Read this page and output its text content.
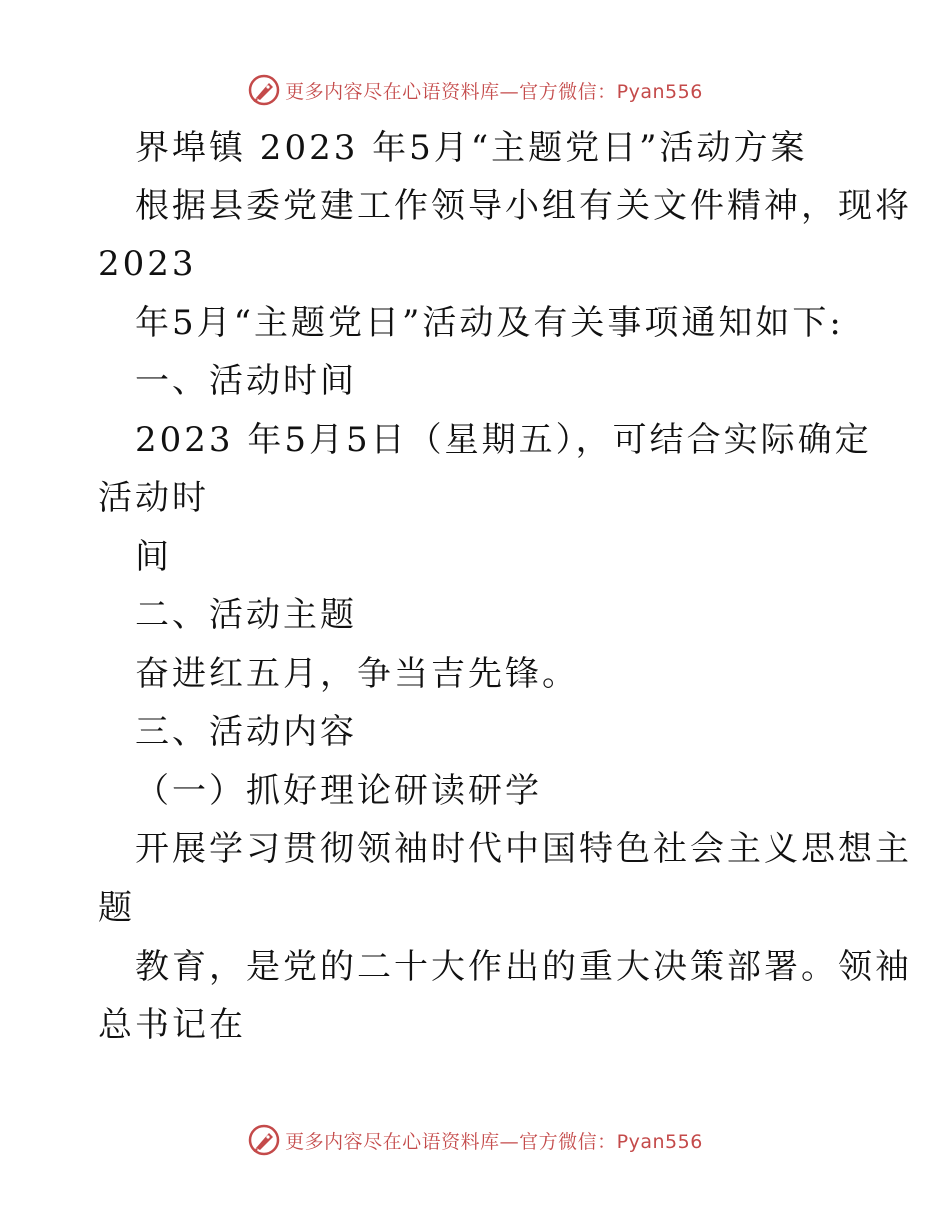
更多内容尽在心语资料库—官方微信：Pyan556
界埠镇 2023 年5月“主题党日”活动方案
根据县委党建工作领导小组有关文件精神，现将
2023
年5月“主题党日”活动及有关事项通知如下:
一、活动时间
2023 年5月5日（星期五），可结合实际确定
活动时
间
二、活动主题
奋进红五月，争当吉先锋。
三、活动内容
（一）抓好理论研读研学
开展学习贯彻领袖时代中国特色社会主义思想主
题
教育，是党的二十大作出的重大决策部署。领袖
总书记在
更多内容尽在心语资料库—官方微信：Pyan556
